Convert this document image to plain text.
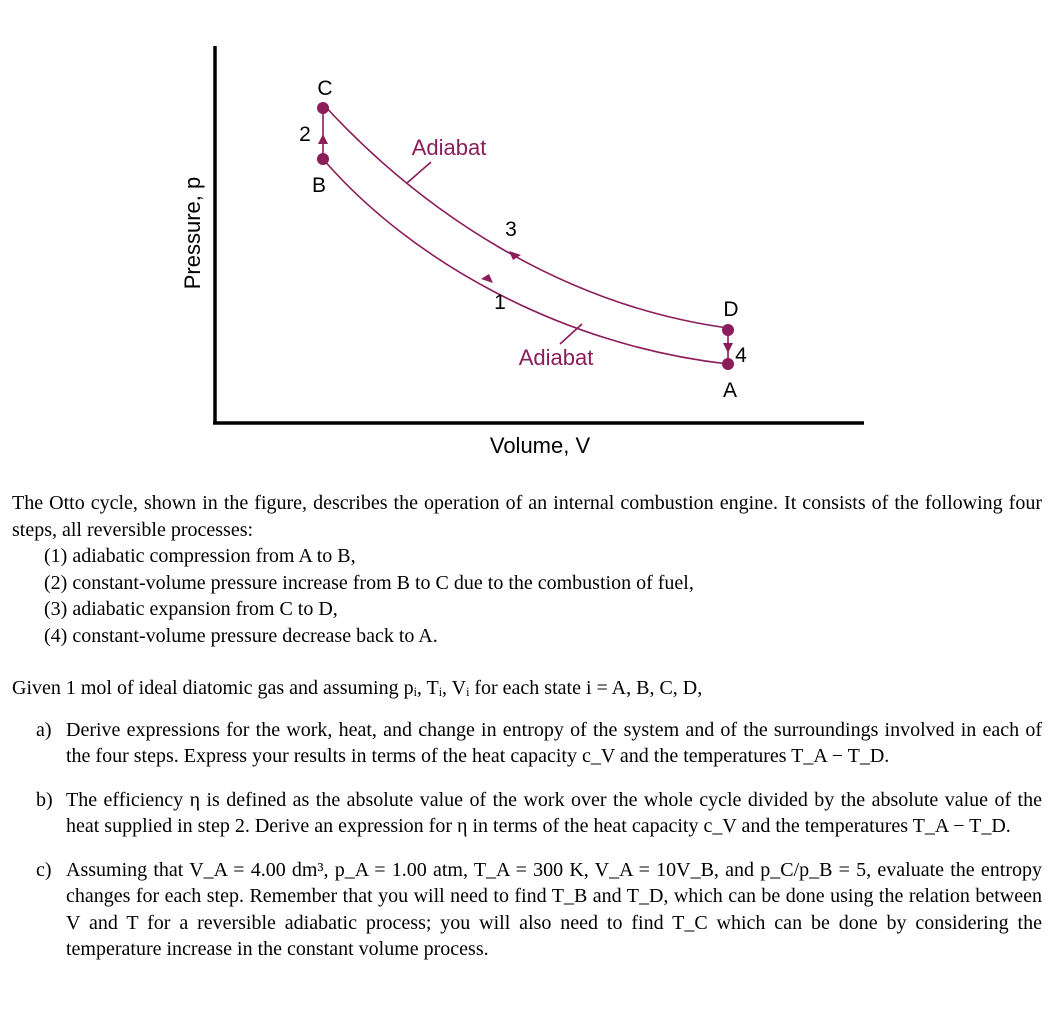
Pressure, p
Volume, V
C
B
D
A
2
3
1
4
Adiabat
Adiabat

The Otto cycle, shown in the figure, describes the operation of an internal combustion engine. It consists of the following four steps, all reversible processes:

(1) adiabatic compression from A to B,
(2) constant-volume pressure increase from B to C due to the combustion of fuel,
(3) adiabatic expansion from C to D,
(4) constant-volume pressure decrease back to A.

Given 1 mol of ideal diatomic gas and assuming pᵢ, Tᵢ, Vᵢ for each state i = A, B, C, D,

a) Derive expressions for the work, heat, and change in entropy of the system and of the surroundings involved in each of the four steps. Express your results in terms of the heat capacity c_V and the temperatures T_A − T_D.
b) The efficiency η is defined as the absolute value of the work over the whole cycle divided by the absolute value of the heat supplied in step 2. Derive an expression for η in terms of the heat capacity c_V and the temperatures T_A − T_D.
c) Assuming that V_A = 4.00 dm³, p_A = 1.00 atm, T_A = 300 K, V_A = 10V_B, and p_C/p_B = 5, evaluate the entropy changes for each step. Remember that you will need to find T_B and T_D, which can be done using the relation between V and T for a reversible adiabatic process; you will also need to find T_C which can be done by considering the temperature increase in the constant volume process.
